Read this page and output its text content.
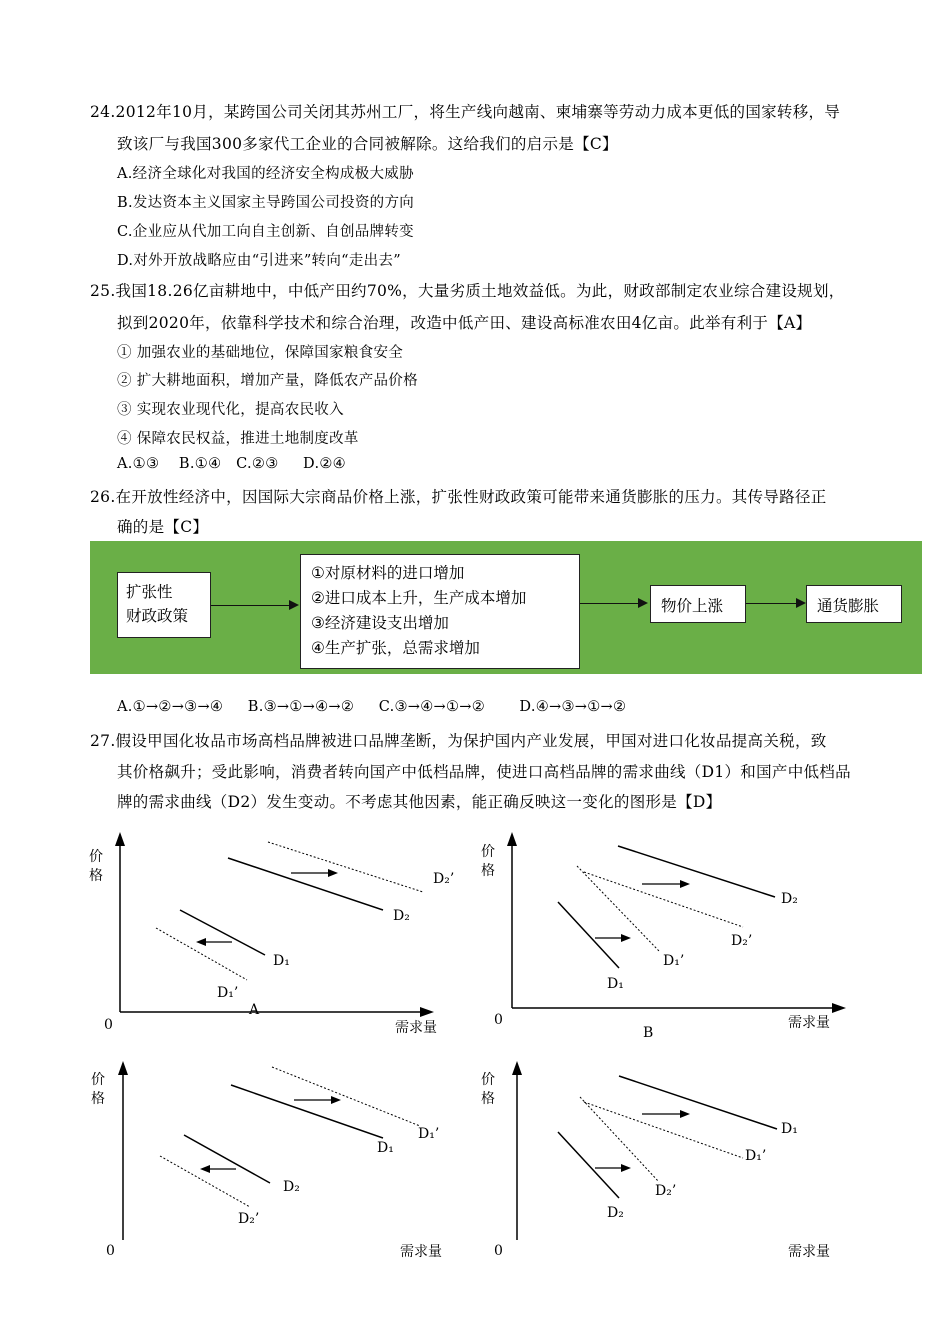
24.2012年10月，某跨国公司关闭其苏州工厂，将生产线向越南、柬埔寨等劳动力成本更低的国家转移，导
致该厂与我国300多家代工企业的合同被解除。这给我们的启示是【C】
A.经济全球化对我国的经济安全构成极大威胁
B.发达资本主义国家主导跨国公司投资的方向
C.企业应从代加工向自主创新、自创品牌转变
D.对外开放战略应由“引进来”转向“走出去”
25.我国18.26亿亩耕地中，中低产田约70%，大量劣质土地效益低。为此，财政部制定农业综合建设规划，
拟到2020年，依靠科学技术和综合治理，改造中低产田、建设高标准农田4亿亩。此举有利于【A】
① 加强农业的基础地位，保障国家粮食安全
② 扩大耕地面积，增加产量，降低农产品价格
③ 实现农业现代化，提高农民收入
④ 保障农民权益，推进土地制度改革
A.①③    B.①④   C.②③     D.②④
26.在开放性经济中，因国际大宗商品价格上涨，扩张性财政政策可能带来通货膨胀的压力。其传导路径正
确的是【C】
扩张性
财政政策
①对原材料的进口增加
②进口成本上升，生产成本增加
③经济建设支出增加
④生产扩张，总需求增加
物价上涨	通货膨胀
A.①→②→③→④     B.③→①→④→②     C.③→④→①→②       D.④→③→①→②
27.假设甲国化妆品市场高档品牌被进口品牌垄断，为保护国内产业发展，甲国对进口化妆品提高关税，致
其价格飙升；受此影响，消费者转向国产中低档品牌，使进口高档品牌的需求曲线（D1）和国产中低档品
牌的需求曲线（D2）发生变动。不考虑其他因素，能正确反映这一变化的图形是【D】
价
格
0	需求量
D₂
D₂’
D₁
D₁’
A
价
格
0	需求量
D₂
D₂’
D₁
D₁’
B
价
格
0	需求量
D₁
D₁’
D₂
D₂’
价
格
0	需求量
D₁
D₁’
D₂
D₂’
